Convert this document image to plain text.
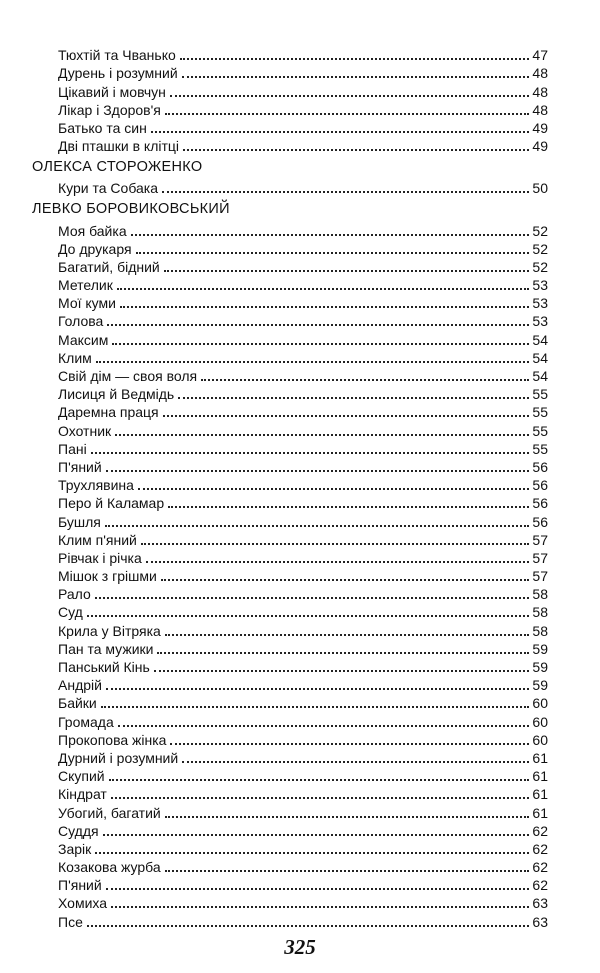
Тюхтій та Чванько	47
Дурень і розумний	48
Цікавий і мовчун	48
Лікар і Здоров'я	48
Батько та син	49
Дві пташки в клітці	49
ОЛЕКСА СТОРОЖЕНКО
Кури та Собака	50
ЛЕВКО БОРОВИКОВСЬКИЙ
Моя байка	52
До друкаря	52
Багатий, бідний	52
Метелик	53
Мої куми	53
Голова	53
Максим	54
Клим	54
Свій дім — своя воля	54
Лисиця й Ведмідь	55
Даремна праця	55
Охотник	55
Пані	55
П'яний	56
Трухлявина	56
Перо й Каламар	56
Бушля	56
Клим п'яний	57
Рівчак і річка	57
Мішок з грішми	57
Рало	58
Суд	58
Крила у Вітряка	58
Пан та мужики	59
Панський Кінь	59
Андрій	59
Байки	60
Громада	60
Прокопова жінка	60
Дурний і розумний	61
Скупий	61
Кіндрат	61
Убогий, багатий	61
Суддя	62
Зарік	62
Козакова журба	62
П'яний	62
Хомиха	63
Псе	63
325
